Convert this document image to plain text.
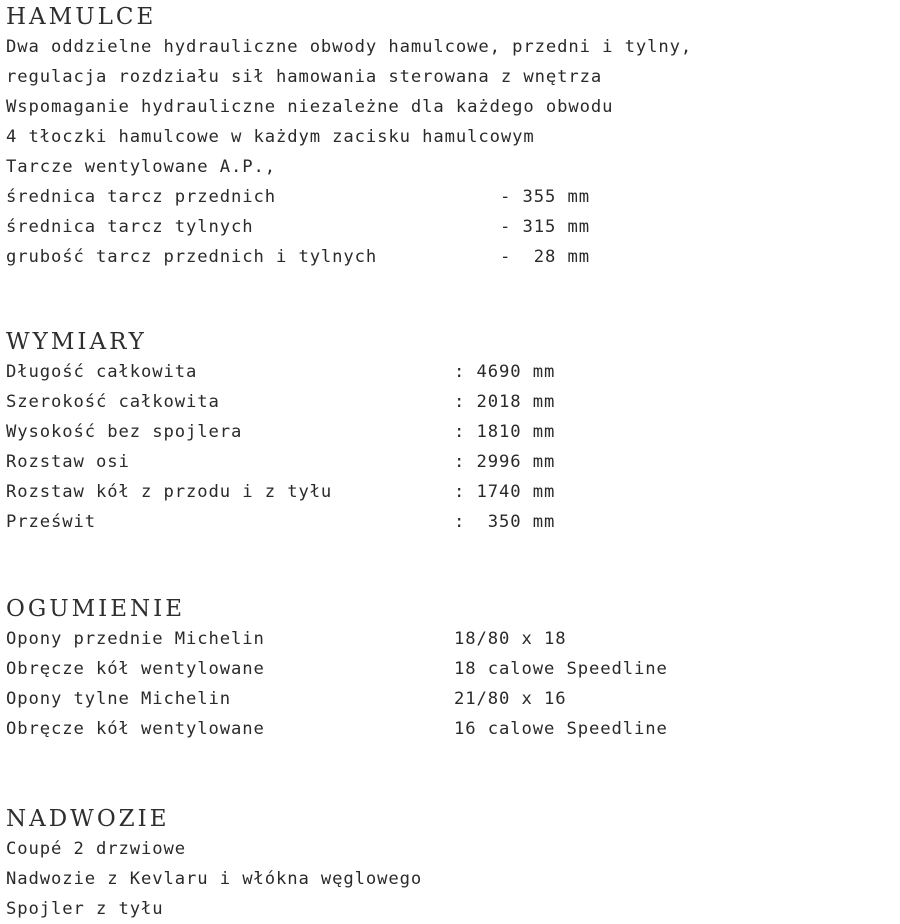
HAMULCE
Dwa oddzielne hydrauliczne obwody hamulcowe, przedni i tylny,
regulacja rozdziału sił hamowania sterowana z wnętrza
Wspomaganie hydrauliczne niezależne dla każdego obwodu
4 tłoczki hamulcowe w każdym zacisku hamulcowym
Tarcze wentylowane A.P.,
średnica tarcz przednich	- 355 mm
średnica tarcz tylnych	- 315 mm
grubość tarcz przednich i tylnych	-  28 mm
WYMIARY
Długość całkowita	: 4690 mm
Szerokość całkowita	: 2018 mm
Wysokość bez spojlera	: 1810 mm
Rozstaw osi	: 2996 mm
Rozstaw kół z przodu i z tyłu	: 1740 mm
Prześwit	:  350 mm
OGUMIENIE
Opony przednie Michelin	18/80 x 18
Obręcze kół wentylowane	18 calowe Speedline
Opony tylne Michelin	21/80 x 16
Obręcze kół wentylowane	16 calowe Speedline
NADWOZIE
Coupé 2 drzwiowe
Nadwozie z Kevlaru i włókna węglowego
Spojler z tyłu
